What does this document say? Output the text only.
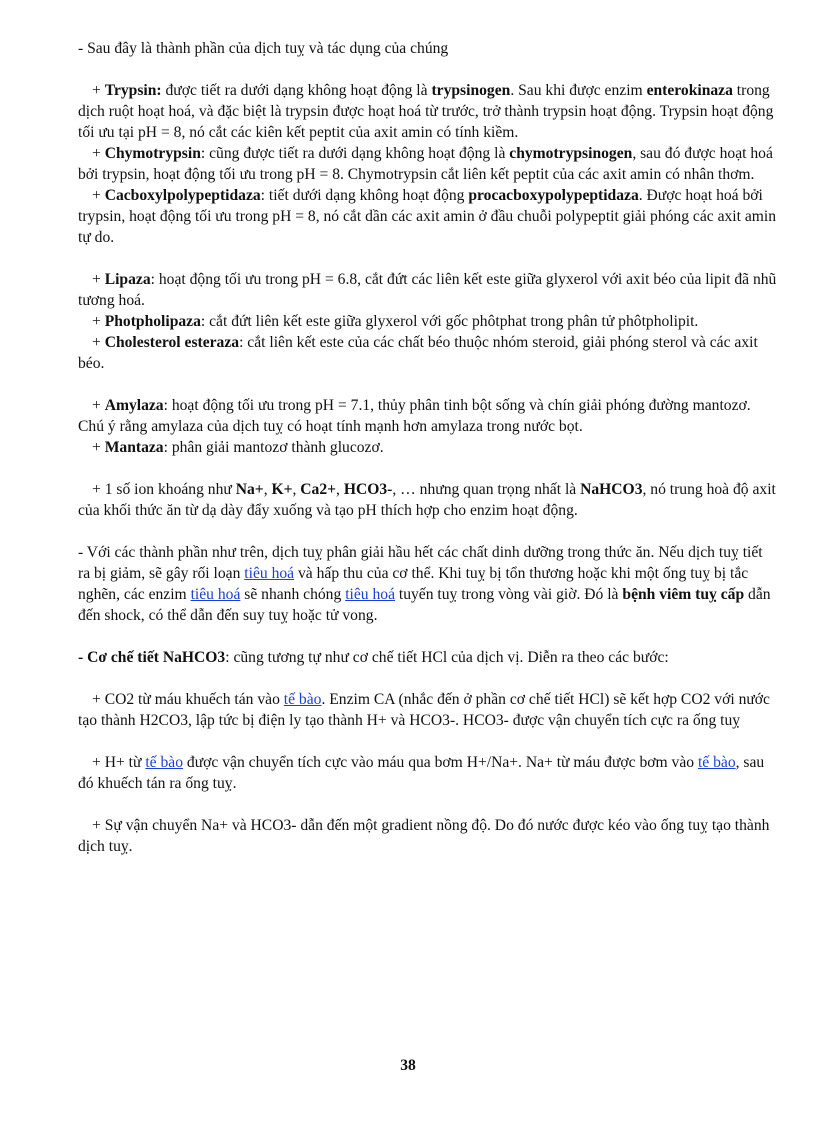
- Sau đây là thành phần của dịch tuỵ và tác dụng của chúng

+ Trypsin: được tiết ra dưới dạng không hoạt động là trypsinogen. Sau khi được enzim enterokinaza trong dịch ruột hoạt hoá, và đặc biệt là trypsin được hoạt hoá từ trước, trở thành trypsin hoạt động. Trypsin hoạt động tối ưu tại pH = 8, nó cắt các kiên kết peptit của axit amin có tính kiềm.

+ Chymotrypsin: cũng được tiết ra dưới dạng không hoạt động là chymotrypsinogen, sau đó được hoạt hoá bởi trypsin, hoạt động tối ưu trong pH = 8. Chymotrypsin cắt liên kết peptit của các axit amin có nhân thơm.

+ Cacboxylpolypeptidaza: tiết dưới dạng không hoạt động procacboxypolypeptidaza. Được hoạt hoá bởi trypsin, hoạt động tối ưu trong pH = 8, nó cắt dần các axit amin ở đầu chuỗi polypeptit giải phóng các axit amin tự do.

+ Lipaza: hoạt động tối ưu trong pH = 6.8, cắt đứt các liên kết este giữa glyxerol với axit béo của lipit đã nhũ tương hoá.

+ Photpholipaza: cắt đứt liên kết este giữa glyxerol với gốc phôtphat trong phân tử phôtpholipit.

+ Cholesterol esteraza: cắt liên kết este của các chất béo thuộc nhóm steroid, giải phóng sterol và các axit béo.

+ Amylaza: hoạt động tối ưu trong pH = 7.1, thủy phân tinh bột sống và chín giải phóng đường mantozơ. Chú ý rằng amylaza của dịch tuỵ có hoạt tính mạnh hơn amylaza trong nước bọt.

+ Mantaza: phân giải mantozơ thành glucozơ.

+ 1 số ion khoáng như Na+, K+, Ca2+, HCO3-, … nhưng quan trọng nhất là NaHCO3, nó trung hoà độ axit của khối thức ăn từ dạ dày đẩy xuống và tạo pH thích hợp cho enzim hoạt động.

- Với các thành phần như trên, dịch tuỵ phân giải hầu hết các chất dinh dưỡng trong thức ăn. Nếu dịch tuỵ tiết ra bị giảm, sẽ gây rối loạn tiêu hoá và hấp thu của cơ thể. Khi tuỵ bị tổn thương hoặc khi một ống tuỵ bị tắc nghẽn, các enzim tiêu hoá sẽ nhanh chóng tiêu hoá tuyến tuỵ trong vòng vài giờ. Đó là bệnh viêm tuỵ cấp dẫn đến shock, có thể dẫn đến suy tuỵ hoặc tử vong.

- Cơ chế tiết NaHCO3: cũng tương tự như cơ chế tiết HCl của dịch vị. Diễn ra theo các bước:

+ CO2 từ máu khuếch tán vào tế bào. Enzim CA (nhắc đến ở phần cơ chế tiết HCl) sẽ kết hợp CO2 với nước tạo thành H2CO3, lập tức bị điện ly tạo thành H+ và HCO3-. HCO3- được vận chuyển tích cực ra ống tuỵ

+ H+ từ tế bào được vận chuyển tích cực vào máu qua bơm H+/Na+. Na+ từ máu được bơm vào tế bào, sau đó khuếch tán ra ống tuỵ.

+ Sự vận chuyển Na+ và HCO3- dẫn đến một gradient nồng độ. Do đó nước được kéo vào ống tuỵ tạo thành dịch tuỵ.

38
